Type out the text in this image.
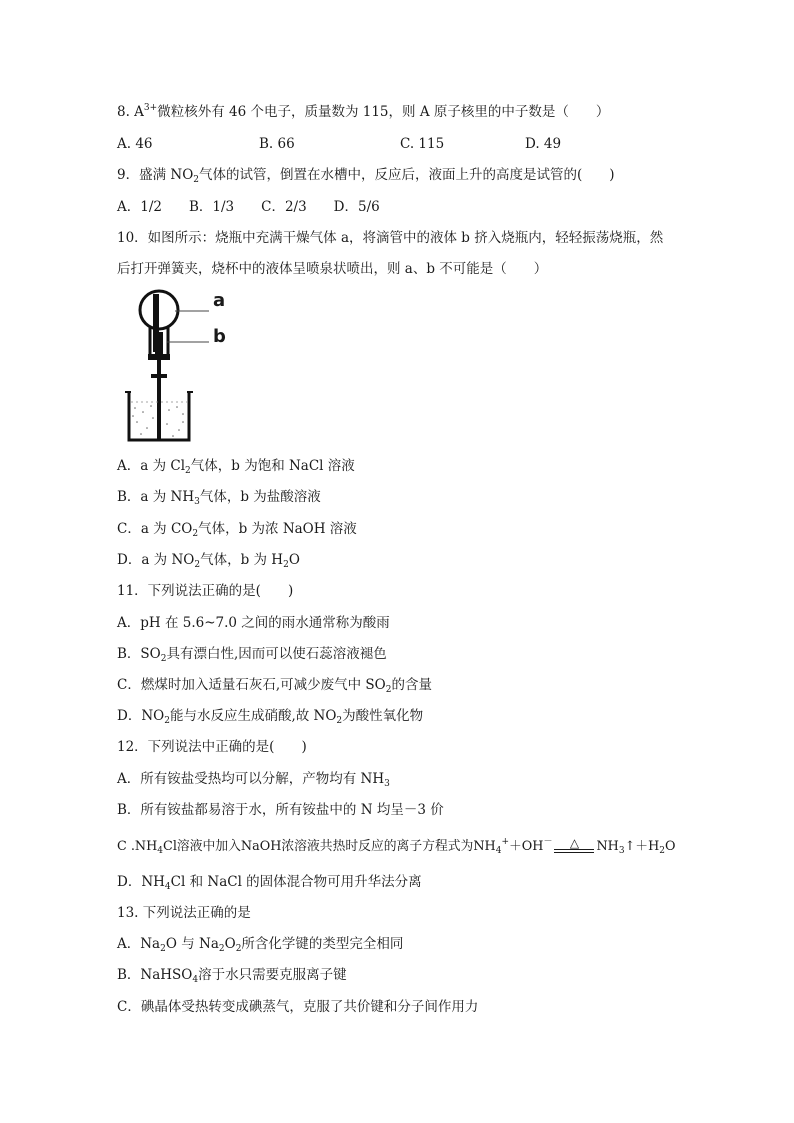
8. $A^{3+}$微粒核外有 46 个电子，质量数为 115，则 A 原子核里的中子数是（　　）
A. 46	B. 66	C. 115	D. 49
9．盛满 $NO_2$气体的试管，倒置在水槽中，反应后，液面上升的高度是试管的(　　)
A．1/2　　B．1/3　　C．2/3　　D．5/6
10．如图所示：烧瓶中充满干燥气体 a，将滴管中的液体 b 挤入烧瓶内，轻轻振荡烧瓶，然
后打开弹簧夹，烧杯中的液体呈喷泉状喷出，则 a、b 不可能是（　　）
a
b
A．a 为 $Cl_2$气体，b 为饱和 NaCl 溶液
B．a 为 $NH_3$气体，b 为盐酸溶液
C．a 为 $CO_2$气体，b 为浓 NaOH 溶液
D．a 为 $NO_2$气体，b 为 $H_2O$
11．下列说法正确的是(　　)
A．pH 在 5.6~7.0 之间的雨水通常称为酸雨
B．$SO_2$具有漂白性,因而可以使石蕊溶液褪色
C．燃煤时加入适量石灰石,可减少废气中 $SO_2$的含量
D．$NO_2$能与水反应生成硝酸,故 $NO_2$为酸性氧化物
12．下列说法中正确的是(　　)
A．所有铵盐受热均可以分解，产物均有 $NH_3$
B．所有铵盐都易溶于水，所有铵盐中的 N 均呈－3 价
C $.NH_4Cl$溶液中加入NaOH浓溶液共热时反应的离子方程式为$NH_4^++OH^-$	△	$NH_3↑+H_2O$
D．$NH_4Cl$ 和 NaCl 的固体混合物可用升华法分离
13. 下列说法正确的是
A．$Na_2O$ 与 $Na_2O_2$所含化学键的类型完全相同
B．NaHSO$_4$溶于水只需要克服离子键
C．碘晶体受热转变成碘蒸气，克服了共价键和分子间作用力
